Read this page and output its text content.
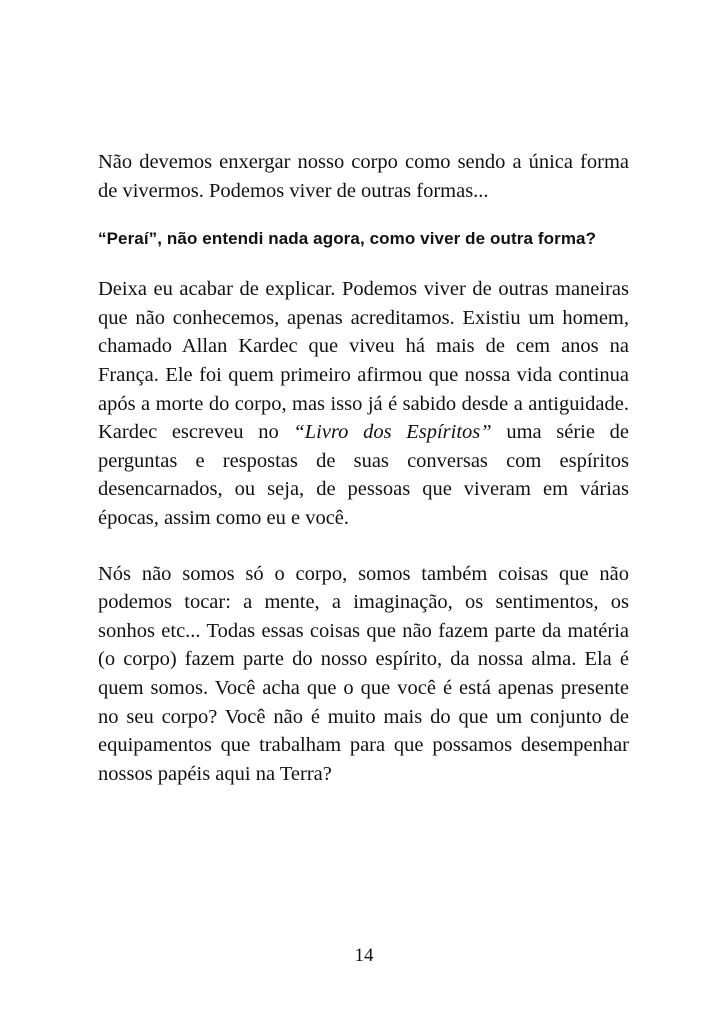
Não devemos enxergar nosso corpo como sendo a única forma de vivermos. Podemos viver de outras formas...

“Peraí”, não entendi nada agora, como viver de outra forma?

Deixa eu acabar de explicar. Podemos viver de outras maneiras que não conhecemos, apenas acreditamos. Existiu um homem, chamado Allan Kardec que viveu há mais de cem anos na França. Ele foi quem primeiro afirmou que nossa vida continua após a morte do corpo, mas isso já é sabido desde a antiguidade. Kardec escreveu no “Livro dos Espíritos” uma série de perguntas e respostas de suas conversas com espíritos desencarnados, ou seja, de pessoas que viveram em várias épocas, assim como eu e você.

Nós não somos só o corpo, somos também coisas que não podemos tocar: a mente, a imaginação, os sentimentos, os sonhos etc... Todas essas coisas que não fazem parte da matéria (o corpo) fazem parte do nosso espírito, da nossa alma. Ela é quem somos. Você acha que o que você é está apenas presente no seu corpo? Você não é muito mais do que um conjunto de equipamentos que trabalham para que possamos desempenhar nossos papéis aqui na Terra?

14
